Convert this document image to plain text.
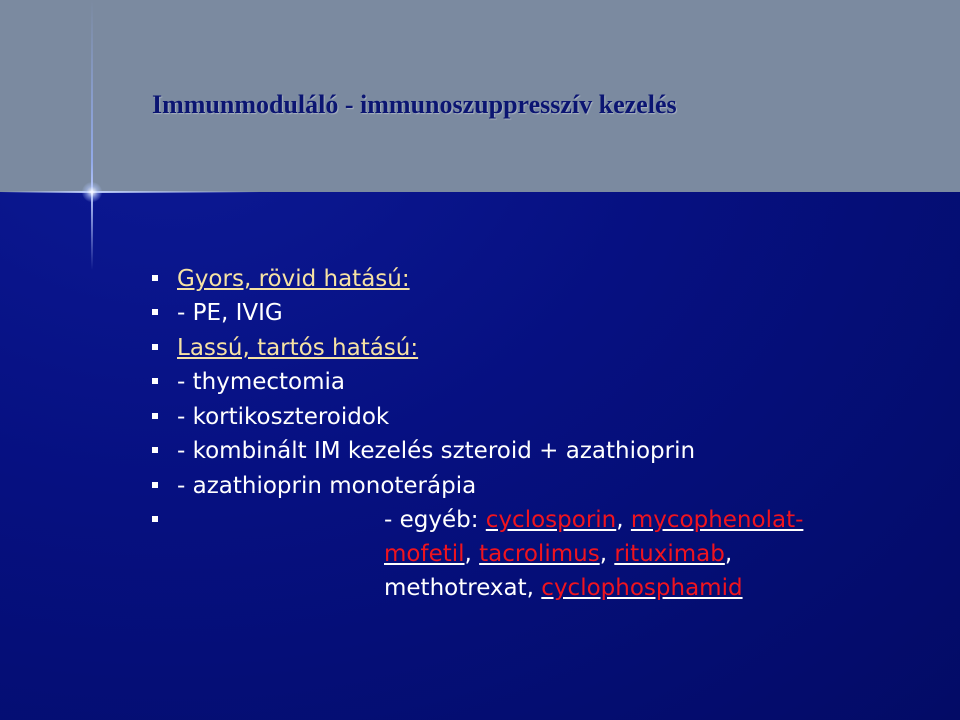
Immunmoduláló - immunoszuppresszív kezelés
Gyors, rövid hatású:
- PE, IVIG
Lassú, tartós hatású:
- thymectomia
- kortikoszteroidok
- kombinált IM kezelés szteroid + azathioprin
- azathioprin monoterápia
- egyéb: cyclosporin, mycophenolat-
mofetil, tacrolimus, rituximab,
methotrexat, cyclophosphamid
